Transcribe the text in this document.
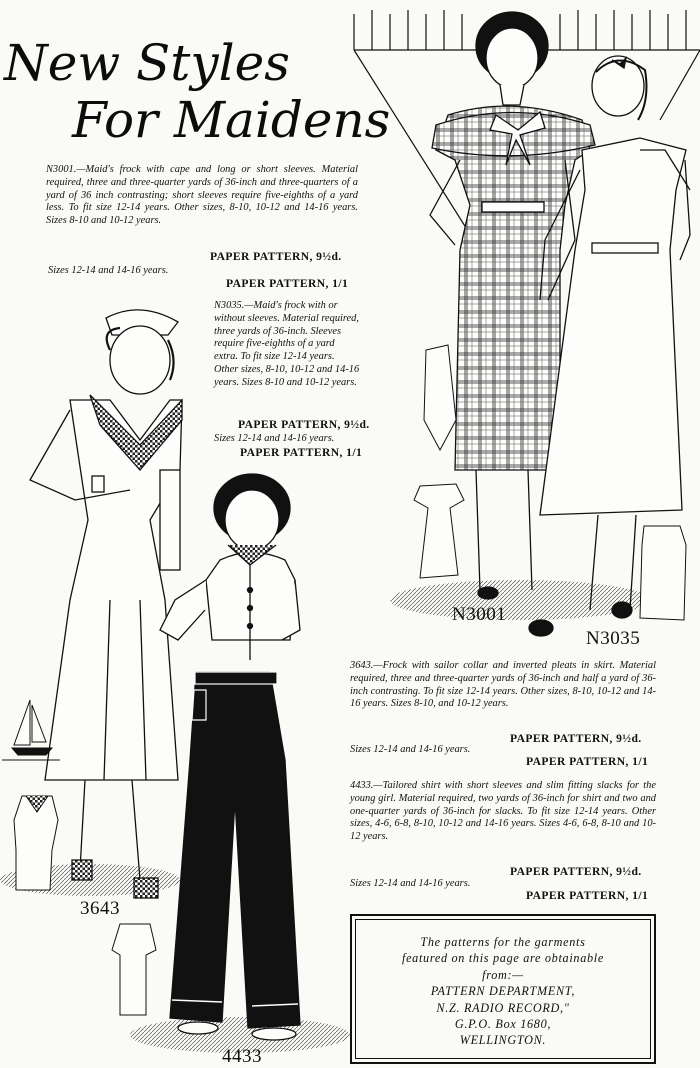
New Styles
For Maidens
N3001.—Maid's frock with cape and long or short sleeves. Material required, three and three-quarter yards of 36-inch and three-quarters of a yard of 36 inch contrasting; short sleeves require five-eighths of a yard less. To fit size 12-14 years. Other sizes, 8-10, 10-12 and 14-16 years. Sizes 8-10 and 10-12 years.
PAPER PATTERN, 9½d.
Sizes 12-14 and 14-16 years.
PAPER PATTERN, 1/1
N3035.—Maid's frock with or without sleeves. Material required, three yards of 36-inch. Sleeves require five-eighths of a yard extra. To fit size 12-14 years. Other sizes, 8-10, 10-12 and 14-16 years. Sizes 8-10 and 10-12 years.
PAPER PATTERN, 9½d.
Sizes 12-14 and 14-16 years.
PAPER PATTERN, 1/1
3643.—Frock with sailor collar and inverted pleats in skirt. Material required, three and three-quarter yards of 36-inch and half a yard of 36-inch contrasting. To fit size 12-14 years. Other sizes, 8-10, 10-12 and 14-16 years. Sizes 8-10, and 10-12 years.
PAPER PATTERN, 9½d.
Sizes 12-14 and 14-16 years.
PAPER PATTERN, 1/1
4433.—Tailored shirt with short sleeves and slim fitting slacks for the young girl. Material required, two yards of 36-inch for shirt and two and one-quarter yards of 36-inch for slacks. To fit size 12-14 years. Other sizes, 4-6, 6-8, 8-10, 10-12 and 14-16 years. Sizes 4-6, 6-8, 8-10 and 10-12 years.
PAPER PATTERN, 9½d.
Sizes 12-14 and 14-16 years.
PAPER PATTERN, 1/1
N3001
N3035
3643
4433
The patterns for the garments
featured on this page are obtainable
from:—
PATTERN DEPARTMENT,
N.Z. RADIO RECORD,"
G.P.O. Box 1680,
WELLINGTON.
